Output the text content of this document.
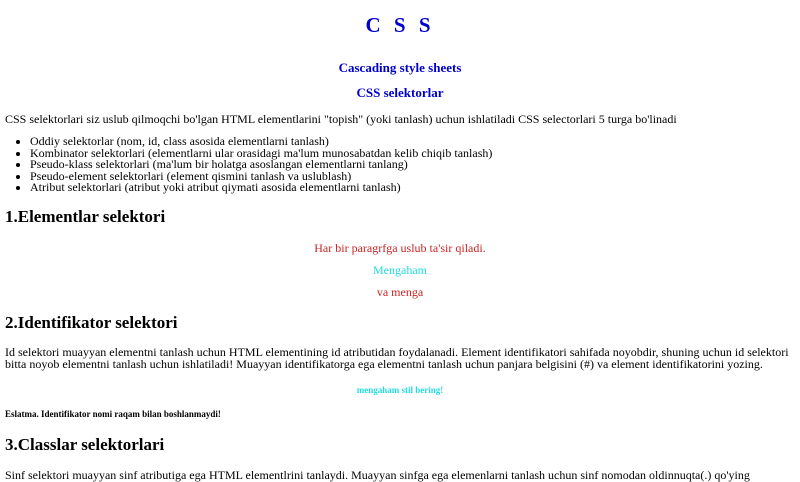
C S S
Cascading style sheets
CSS selektorlar

CSS selektorlari siz uslub qilmoqchi bo'lgan HTML elementlarini "topish" (yoki tanlash) uchun ishlatiladi CSS selectorlari 5 turga bo'linadi

• Oddiy selektorlar (nom, id, class asosida elementlarni tanlash)
• Kombinator selektorlari (elementlarni ular orasidagi ma'lum munosabatdan kelib chiqib tanlash)
• Pseudo-klass selektorlari (ma'lum bir holatga asoslangan elementlarni tanlang)
• Pseudo-element selektorlari (element qismini tanlash va uslublash)
• Atribut selektorlari (atribut yoki atribut qiymati asosida elementlarni tanlash)
1.Elementlar selektori

Har bir paragrfga uslub ta'sir qiladi.

Mengaham

va menga

2.Identifikator selektori

Id selektori muayyan elementni tanlash uchun HTML elementining id atributidan foydalanadi. Element identifikatori sahifada noyobdir, shuning uchun id selektori bitta noyob elementni tanlash uchun ishlatiladi! Muayyan identifikatorga ega elementni tanlash uchun panjara belgisini (#) va element identifikatorini yozing.

mengaham stil bering!

Eslatma. Identifikator nomi raqam bilan boshlanmaydi!

3.Classlar selektorlari

Sinf selektori muayyan sinf atributiga ega HTML elementlrini tanlaydi. Muayyan sinfga ega elemenlarni tanlash uchun sinf nomodan oldinnuqta(.) qo'ying
